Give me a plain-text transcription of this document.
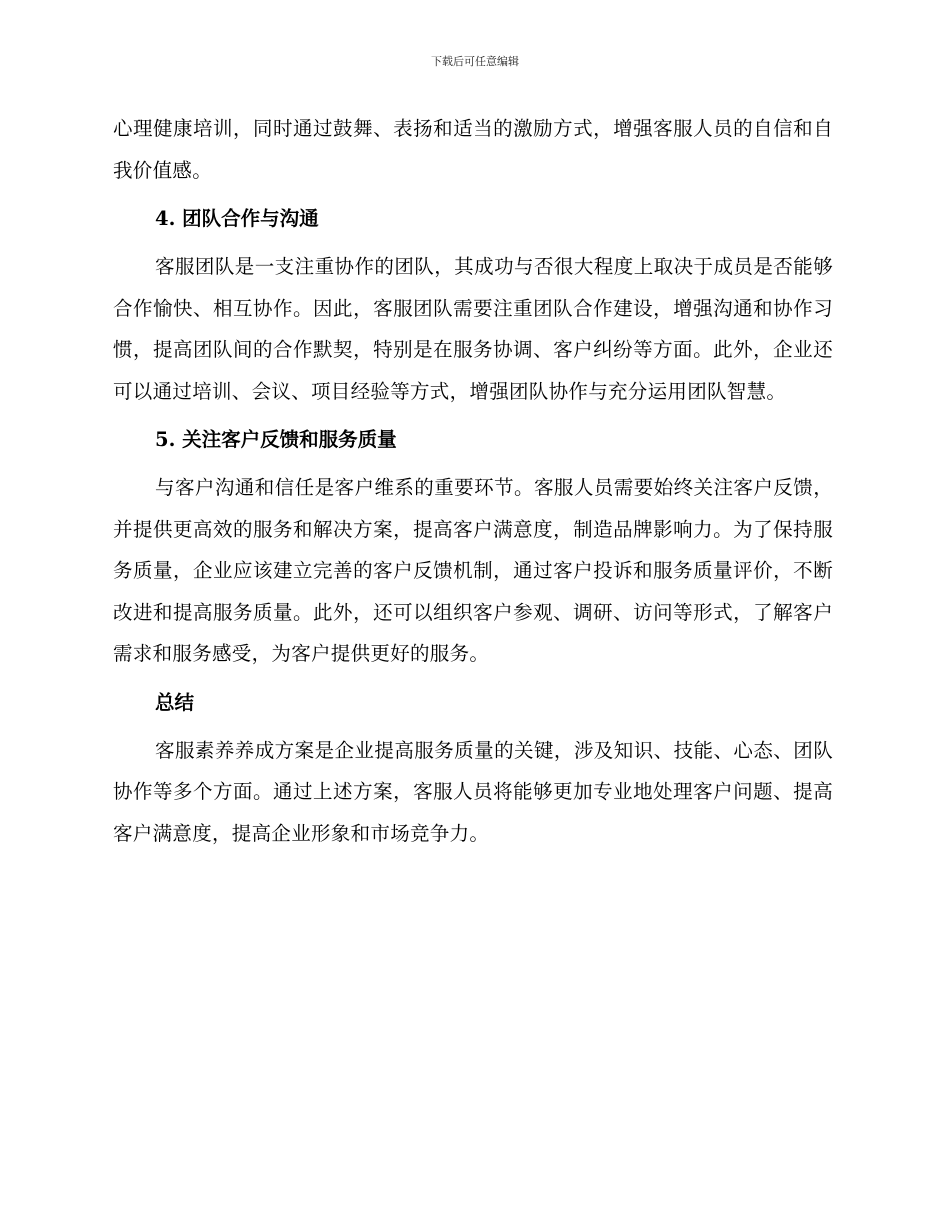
下载后可任意编辑

心理健康培训，同时通过鼓舞、表扬和适当的激励方式，增强客服人员的自信和自我价值感。

4. 团队合作与沟通

客服团队是一支注重协作的团队，其成功与否很大程度上取决于成员是否能够合作愉快、相互协作。因此，客服团队需要注重团队合作建设，增强沟通和协作习惯，提高团队间的合作默契，特别是在服务协调、客户纠纷等方面。此外，企业还可以通过培训、会议、项目经验等方式，增强团队协作与充分运用团队智慧。

5. 关注客户反馈和服务质量

与客户沟通和信任是客户维系的重要环节。客服人员需要始终关注客户反馈，并提供更高效的服务和解决方案，提高客户满意度，制造品牌影响力。为了保持服务质量，企业应该建立完善的客户反馈机制，通过客户投诉和服务质量评价，不断改进和提高服务质量。此外，还可以组织客户参观、调研、访问等形式，了解客户需求和服务感受，为客户提供更好的服务。

总结

客服素养养成方案是企业提高服务质量的关键，涉及知识、技能、心态、团队协作等多个方面。通过上述方案，客服人员将能够更加专业地处理客户问题、提高客户满意度，提高企业形象和市场竞争力。
